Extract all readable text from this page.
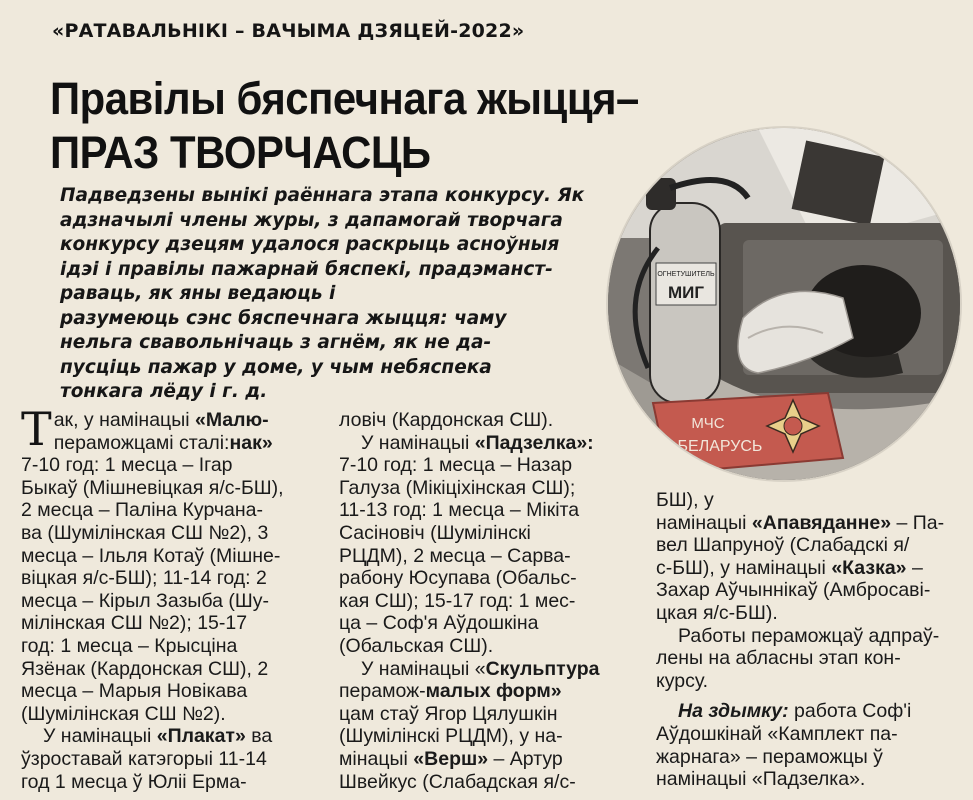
«РАТАВАЛЬНІКІ – ВАЧЫМА ДЗЯЦЕЙ-2022»
Правілы бяспечнага жыцця–
ПРАЗ ТВОРЧАСЦЬ
Падведзены вынікі раённага этапа конкурсу. Як
адзначылі члены журы, з дапамогай творчага
конкурсу дзецям удалося раскрыць асноўныя
ідэі і правілы пажарнай бяспекі, прадэманст-
раваць, як яны ведаюць і
разумеюць сэнс бяспечнага жыцця: чаму
нельга свавольнічаць з агнём, як не да-
пусціць пажар у доме, у чым небяспека
тонкага лёду і г. д.
ОГНЕТУШИТЕЛЬ
МИГ
МЧС
БЕЛАРУСЬ
Так, у намінацыі «Малю-
пераможцамі сталі:нак»
7-10 год: 1 месца – Ігар
Быкаў (Мішневіцкая я/с-БШ),
2 месца – Паліна Курчана-
ва (Шумілінская СШ №2), 3
месца – Ільля Котаў (Мішне-
віцкая я/с-БШ); 11-14 год: 2
месца – Кірыл Зазыба (Шу-
мілінская СШ №2); 15-17
год: 1 месца – Крысціна
Язёнак (Кардонская СШ), 2
месца – Марыя Новікава
(Шумілінская СШ №2).
У намінацыі «Плакат» ва
ўзроставай катэгорыі 11-14
год 1 месца ў Юліі Ерма-
ловіч (Кардонская СШ).
У намінацыі «Падзелка»:
7-10 год: 1 месца – Назар
Галуза (Мікіціхінская СШ);
11-13 год: 1 месца – Мікіта
Сасіновіч (Шумілінскі
РЦДМ), 2 месца – Сарва-
рабону Юсупава (Обальс-
кая СШ); 15-17 год: 1 мес-
ца – Соф'я Аўдошкіна
(Обальская СШ).
У намінацыі «Скульптура
перамож-малых форм»
цам стаў Ягор Цялушкін
(Шумілінскі РЦДМ), у на-
мінацыі «Верш» – Артур
Швейкус (Слабадская я/с-
БШ), у
намінацыі «Апавяданне» – Па-
вел Шапруноў (Слабадскі я/
с-БШ), у намінацыі «Казка» –
Захар Аўчыннікаў (Амбросаві-
цкая я/с-БШ).
Работы пераможцаў адпраў-
лены на абласны этап кон-
курсу.

На здымку: работа Соф'і
Аўдошкінай «Камплект па-
жарнага» – пераможцы ў
намінацыі «Падзелка».
